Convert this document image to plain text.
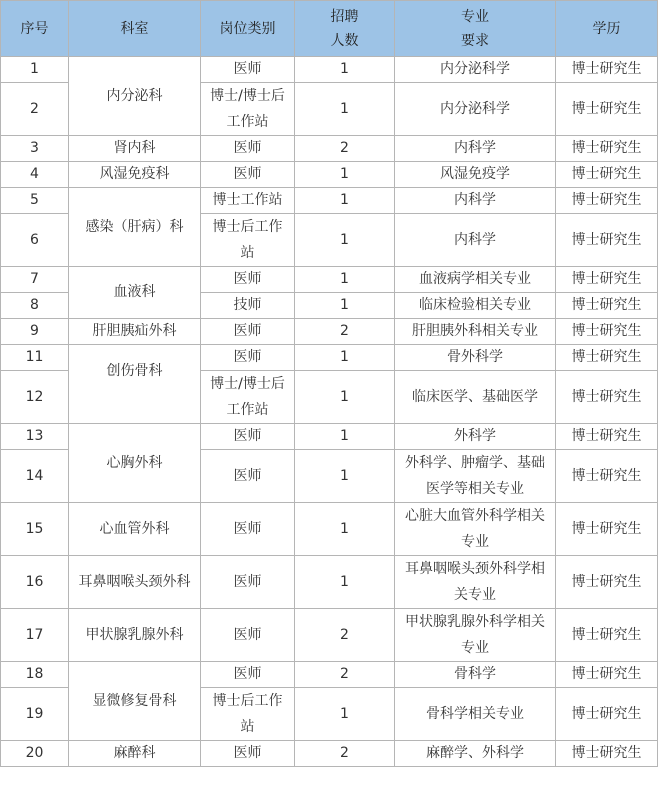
序号	科室	岗位类别	招聘人数	专业要求	学历
1	内分泌科	医师	1	内分泌科学	博士研究生
2		博士/博士后工作站	1	内分泌科学	博士研究生
3	肾内科	医师	2	内科学	博士研究生
4	风湿免疫科	医师	1	风湿免疫学	博士研究生
5	感染（肝病）科	博士工作站	1	内科学	博士研究生
6		博士后工作站	1	内科学	博士研究生
7	血液科	医师	1	血液病学相关专业	博士研究生
8		技师	1	临床检验相关专业	博士研究生
9	肝胆胰疝外科	医师	2	肝胆胰外科相关专业	博士研究生
11	创伤骨科	医师	1	骨外科学	博士研究生
12		博士/博士后工作站	1	临床医学、基础医学	博士研究生
13	心胸外科	医师	1	外科学	博士研究生
14		医师	1	外科学、肿瘤学、基础医学等相关专业	博士研究生
15	心血管外科	医师	1	心脏大血管外科学相关专业	博士研究生
16	耳鼻咽喉头颈外科	医师	1	耳鼻咽喉头颈外科学相关专业	博士研究生
17	甲状腺乳腺外科	医师	2	甲状腺乳腺外科学相关专业	博士研究生
18	显微修复骨科	医师	2	骨科学	博士研究生
19		博士后工作站	1	骨科学相关专业	博士研究生
20	麻醉科	医师	2	麻醉学、外科学	博士研究生
